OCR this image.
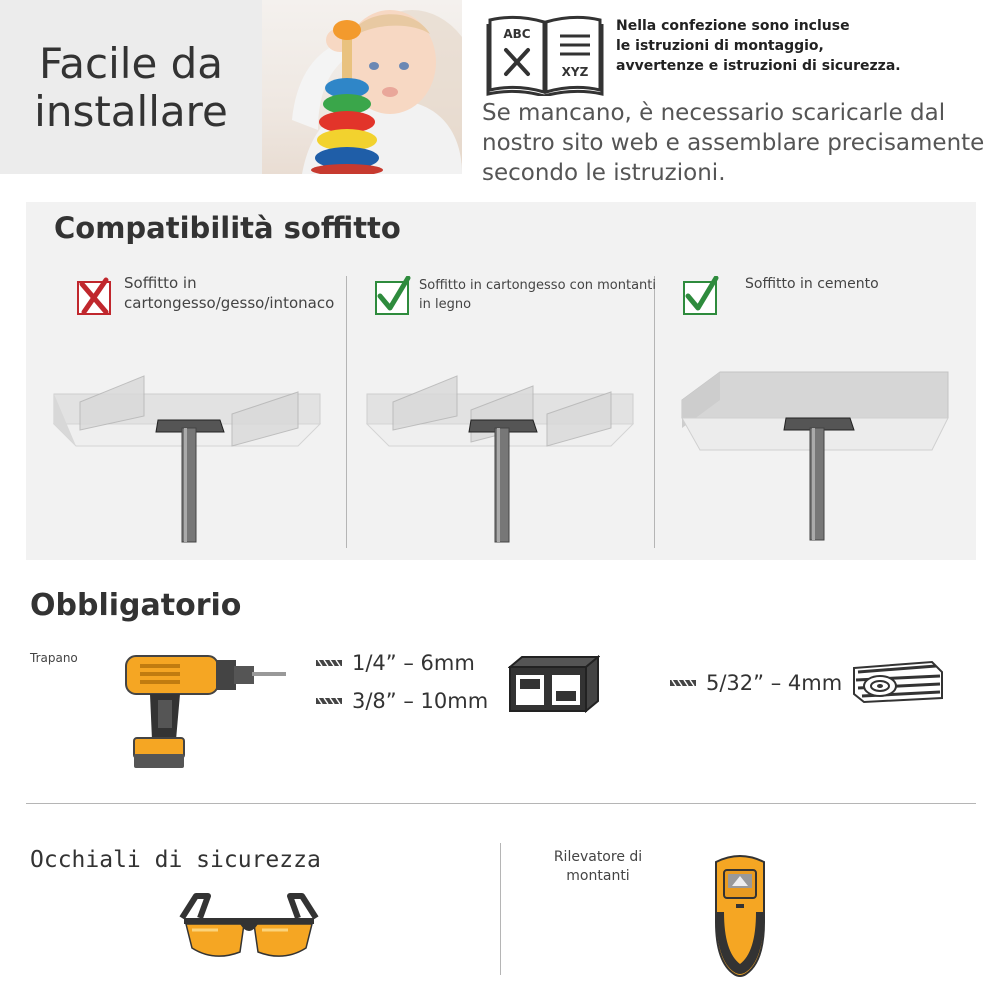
Facile da
installare
ABC
XYZ
Nella confezione sono incluse
le istruzioni di montaggio,
avvertenze e istruzioni di sicurezza.
Se mancano, è necessario scaricarle dal
nostro sito web e assemblare precisamente
secondo le istruzioni.
Compatibilità soffitto
Soffitto in
cartongesso/gesso/intonaco
Soffitto in cartongesso con montanti
in legno
Soffitto in cemento
Obbligatorio
Trapano	1/4” – 6mm
3/8” – 10mm
5/32” – 4mm
Occhiali di sicurezza	Rilevatore di
montanti
